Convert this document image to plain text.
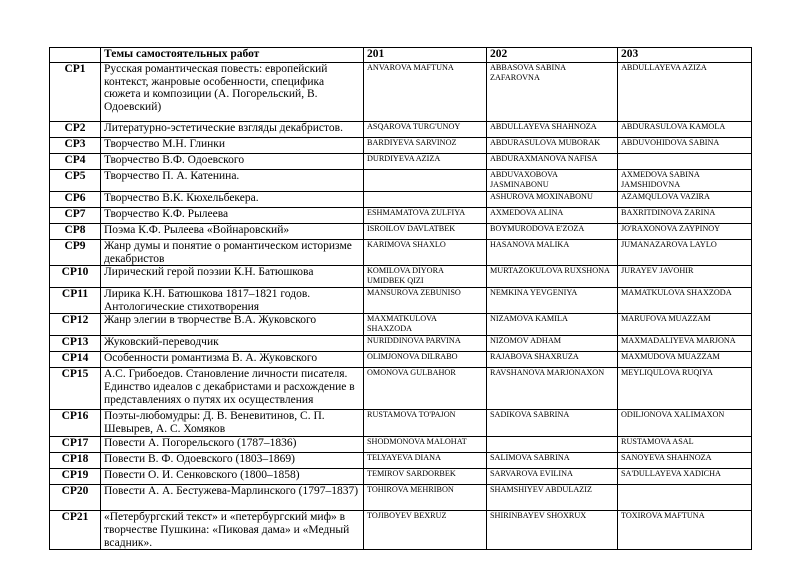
	Темы самостоятельных работ	201	202	203
CP1	Русская романтическая повесть: европейский контекст, жанровые особенности, специфика сюжета и композиции (А. Погорельский, В. Одоевский)	ANVAROVA MAFTUNA	ABBASOVA SABINA ZAFAROVNA	ABDULLAYEVA AZIZA
CP2	Литературно-эстетические взгляды декабристов.	ASQAROVA TURG'UNOY	ABDULLAYEVA SHAHNOZA	ABDURASULOVA KAMOLA
CP3	Творчество М.Н. Глинки	BARDIYEVA SARVINOZ	ABDURASULOVA MUBORAK	ABDUVOHIDOVA SABINA
CP4	Творчество В.Ф. Одоевского	DURDIYEVA AZIZA	ABDURAXMANOVA NAFISA	
CP5	Творчество П. А. Катенина.		ABDUVAXOBOVA JASMINABONU	AXMEDOVA SABINA JAMSHIDOVNA
CP6	Творчество В.К. Кюхельбекера.		ASHUROVA MOXINABONU	AZAMQULOVA VAZIRA
CP7	Творчество К.Ф. Рылеева	ESHMAMATOVA ZULFIYA	AXMEDOVA ALINA	BAXRITDINOVA ZARINA
CP8	Поэма К.Ф. Рылеева «Войнаровский»	ISROILOV DAVLATBEK	BOYMURODOVA E'ZOZA	JO'RAXONOVA ZAYPINOY
CP9	Жанр думы и понятие о романтическом историзме декабристов	KARIMOVA SHAXLO	HASANOVA MALIKA	JUMANAZAROVA LAYLO
CP10	Лирический герой поэзии К.Н. Батюшкова	KOMILOVA DIYORA UMIDBEK QIZI	MURTAZOKULOVA RUXSHONA	JURAYEV JAVOHIR
CP11	Лирика К.Н. Батюшкова 1817–1821 годов. Антологические стихотворения	MANSUROVA ZEBUNISO	NEMKINA YEVGENIYA	MAMATKULOVA SHAXZODA
CP12	Жанр элегии в творчестве В.А. Жуковского	MAXMATKULOVA SHAXZODA	NIZAMOVA KAMILA	MARUFOVA MUAZZAM
CP13	Жуковский-переводчик	NURIDDINOVA PARVINA	NIZOMOV ADHAM	MAXMADALIYEVA MARJONA
CP14	Особенности романтизма В. А. Жуковского	OLIMJONOVA DILRABO	RAJABOVA SHAXRUZA	MAXMUDOVA MUAZZAM
CP15	А.С. Грибоедов. Становление личности писателя. Единство идеалов с декабристами и расхождение в представлениях о путях их осуществления	OMONOVA GULBAHOR	RAVSHANOVA MARJONAXON	MEYLIQULOVA RUQIYA
CP16	Поэты-любомудры: Д. В. Веневитинов, С. П. Шевырев, А. С. Хомяков	RUSTAMOVA TO'PAJON	SADIKOVA SABRINA	ODILJONOVA XALIMAXON
CP17	Повести А. Погорельского (1787–1836)	SHODMONOVA MALOHAT		RUSTAMOVA ASAL
CP18	Повести В. Ф. Одоевского (1803–1869)	TELYAYEVA DIANA	SALIMOVA SABRINA	SANOYEVA SHAHNOZA
CP19	Повести О. И. Сенковского (1800–1858)	TEMIROV SARDORBEK	SARVAROVA EVILINA	SA'DULLAYEVA XADICHA
CP20	Повести А. А. Бестужева-Марлинского (1797–1837)	TOHIROVA MEHRIBON	SHAMSHIYEV ABDULAZIZ	
CP21	«Петербургский текст» и «петербургский миф» в творчестве Пушкина: «Пиковая дама» и «Медный всадник».	TOJIBOYEV BEXRUZ	SHIRINBAYEV SHOXRUX	TOXIROVA MAFTUNA
